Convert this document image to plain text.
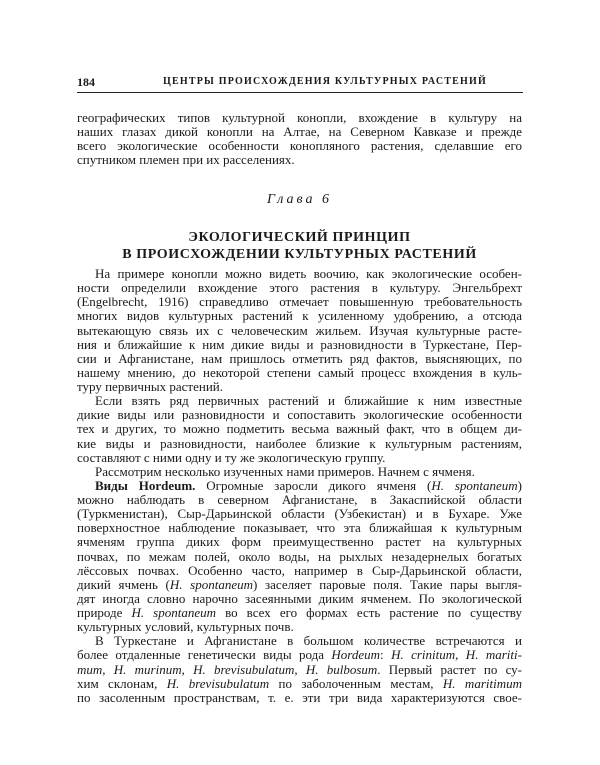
184	ЦЕНТРЫ ПРОИСХОЖДЕНИЯ КУЛЬТУРНЫХ РАСТЕНИЙ
географических типов культурной конопли, вхождение в культуру на
наших глазах дикой конопли на Алтае, на Северном Кавказе и прежде
всего экологические особенности конопляного растения, сделавшие его
спутником племен при их расселениях.
Глава 6
ЭКОЛОГИЧЕСКИЙ ПРИНЦИП
В ПРОИСХОЖДЕНИИ КУЛЬТУРНЫХ РАСТЕНИЙ
На примере конопли можно видеть воочию, как экологические особен-
ности определили вхождение этого растения в культуру. Энгельбрехт
(Engelbrecht, 1916) справедливо отмечает повышенную требовательность
многих видов культурных растений к усиленному удобрению, а отсюда
вытекающую связь их с человеческим жильем. Изучая культурные расте-
ния и ближайшие к ним дикие виды и разновидности в Туркестане, Пер-
сии и Афганистане, нам пришлось отметить ряд фактов, выясняющих, по
нашему мнению, до некоторой степени самый процесс вхождения в куль-
туру первичных растений.
Если взять ряд первичных растений и ближайшие к ним известные
дикие виды или разновидности и сопоставить экологические особенности
тех и других, то можно подметить весьма важный факт, что в общем ди-
кие виды и разновидности, наиболее близкие к культурным растениям,
составляют с ними одну и ту же экологическую группу.
Рассмотрим несколько изученных нами примеров. Начнем с ячменя.
Виды Hordeum. Огромные заросли дикого ячменя (H. spontaneum)
можно наблюдать в северном Афганистане, в Закаспийской области
(Туркменистан), Сыр-Дарьинской области (Узбекистан) и в Бухаре. Уже
поверхностное наблюдение показывает, что эта ближайшая к культурным
ячменям группа диких форм преимущественно растет на культурных
почвах, по межам полей, около воды, на рыхлых незадернелых богатых
лёссовых почвах. Особенно часто, например в Сыр-Дарьинской области,
дикий ячмень (H. spontaneum) заселяет паровые поля. Такие пары выгля-
дят иногда словно нарочно засеянными диким ячменем. По экологической
природе H. spontaneum во всех его формах есть растение по существу
культурных условий, культурных почв.
В Туркестане и Афганистане в большом количестве встречаются и
более отдаленные генетически виды рода Hordeum: H. crinitum, H. mariti-
mum, H. murinum, H. brevisubulatum, H. bulbosum. Первый растет по су-
хим склонам, H. brevisubulatum по заболоченным местам, H. maritimum
по засоленным пространствам, т. е. эти три вида характеризуются свое-
